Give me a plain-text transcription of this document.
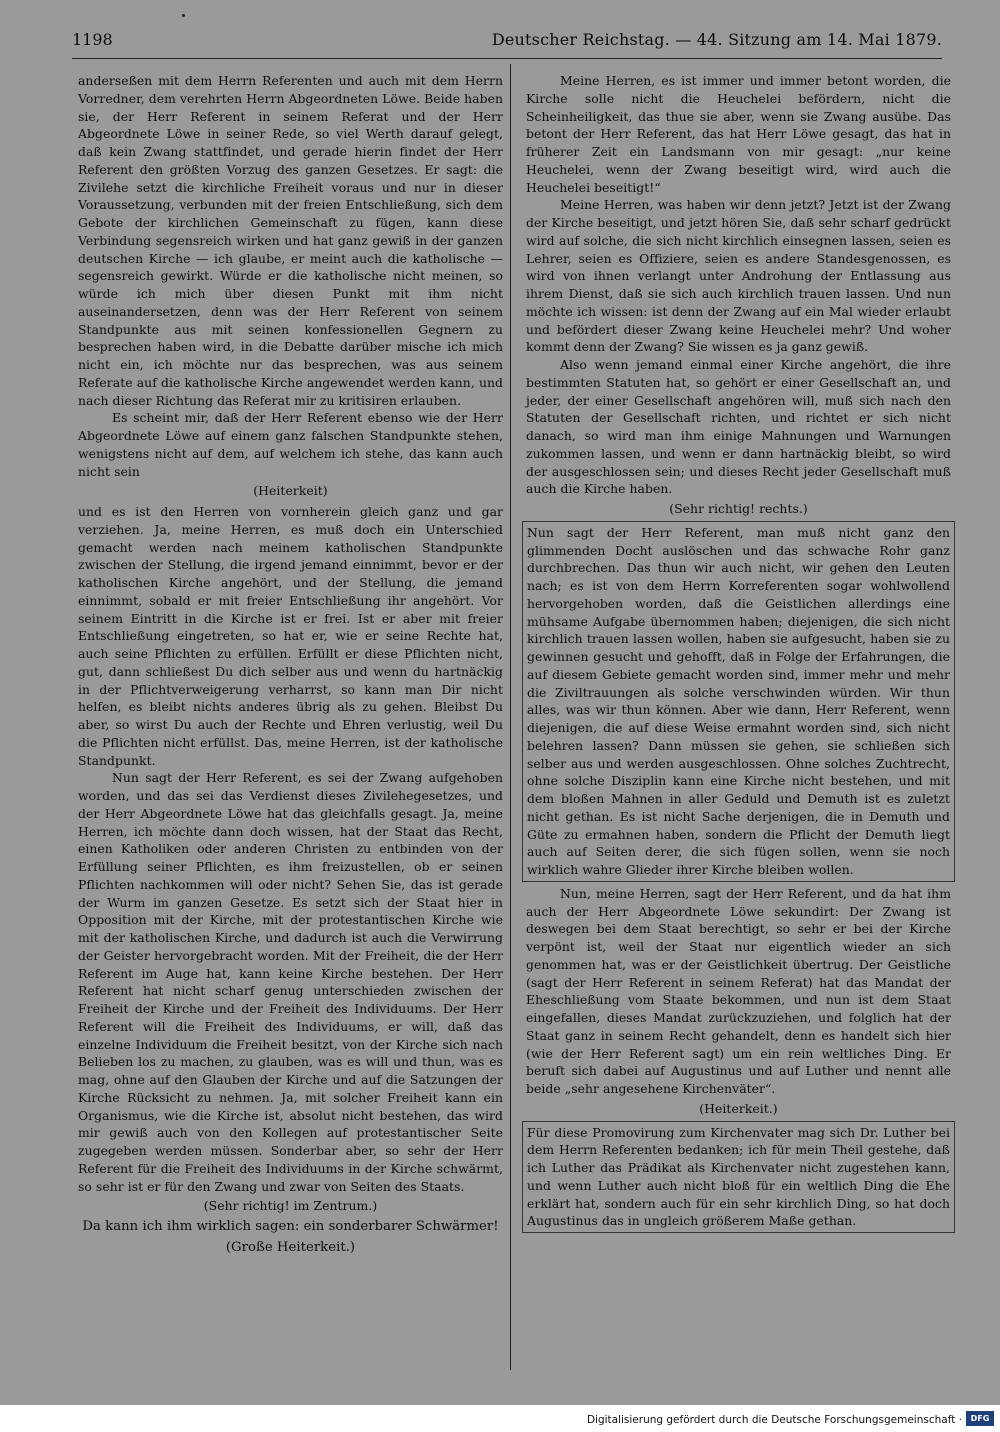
1198	Deutscher Reichstag. — 44. Sitzung am 14. Mai 1879.

anderseßen mit dem Herrn Referenten und auch mit dem Herrn Vorredner, dem verehrten Herrn Abgeordneten Löwe. Beide haben sie, der Herr Referent in seinem Referat und der Herr Abgeordnete Löwe in seiner Rede, so viel Werth darauf gelegt, daß kein Zwang stattfindet, und gerade hierin findet der Herr Referent den größten Vorzug des ganzen Gesetzes. Er sagt: die Zivilehe setzt die kirchliche Freiheit voraus und nur in dieser Voraussetzung, verbunden mit der freien Entschließung, sich dem Gebote der kirchlichen Gemeinschaft zu fügen, kann diese Verbindung segensreich wirken und hat ganz gewiß in der ganzen deutschen Kirche — ich glaube, er meint auch die katholische — segensreich gewirkt. Würde er die katholische nicht meinen, so würde ich mich über diesen Punkt mit ihm nicht auseinandersetzen, denn was der Herr Referent von seinem Standpunkte aus mit seinen konfessionellen Gegnern zu besprechen haben wird, in die Debatte darüber mische ich mich nicht ein, ich möchte nur das besprechen, was aus seinem Referate auf die katholische Kirche angewendet werden kann, und nach dieser Richtung das Referat mir zu kritisiren erlauben.

Es scheint mir, daß der Herr Referent ebenso wie der Herr Abgeordnete Löwe auf einem ganz falschen Standpunkte stehen, wenigstens nicht auf dem, auf welchem ich stehe, das kann auch nicht sein

(Heiterkeit)

und es ist den Herren von vornherein gleich ganz und gar verziehen. Ja, meine Herren, es muß doch ein Unterschied gemacht werden nach meinem katholischen Standpunkte zwischen der Stellung, die irgend jemand einnimmt, bevor er der katholischen Kirche angehört, und der Stellung, die jemand einnimmt, sobald er mit freier Entschließung ihr angehört. Vor seinem Eintritt in die Kirche ist er frei. Ist er aber mit freier Entschließung eingetreten, so hat er, wie er seine Rechte hat, auch seine Pflichten zu erfüllen. Erfüllt er diese Pflichten nicht, gut, dann schließest Du dich selber aus und wenn du hartnäckig in der Pflichtverweigerung verharrst, so kann man Dir nicht helfen, es bleibt nichts anderes übrig als zu gehen. Bleibst Du aber, so wirst Du auch der Rechte und Ehren verlustig, weil Du die Pflichten nicht erfüllst. Das, meine Herren, ist der katholische Standpunkt.

Nun sagt der Herr Referent, es sei der Zwang aufgehoben worden, und das sei das Verdienst dieses Zivilehegesetzes, und der Herr Abgeordnete Löwe hat das gleichfalls gesagt. Ja, meine Herren, ich möchte dann doch wissen, hat der Staat das Recht, einen Katholiken oder anderen Christen zu entbinden von der Erfüllung seiner Pflichten, es ihm freizustellen, ob er seinen Pflichten nachkommen will oder nicht? Sehen Sie, das ist gerade der Wurm im ganzen Gesetze. Es setzt sich der Staat hier in Opposition mit der Kirche, mit der protestantischen Kirche wie mit der katholischen Kirche, und dadurch ist auch die Verwirrung der Geister hervorgebracht worden. Mit der Freiheit, die der Herr Referent im Auge hat, kann keine Kirche bestehen. Der Herr Referent hat nicht scharf genug unterschieden zwischen der Freiheit der Kirche und der Freiheit des Individuums. Der Herr Referent will die Freiheit des Individuums, er will, daß das einzelne Individuum die Freiheit besitzt, von der Kirche sich nach Belieben los zu machen, zu glauben, was es will und thun, was es mag, ohne auf den Glauben der Kirche und auf die Satzungen der Kirche Rücksicht zu nehmen. Ja, mit solcher Freiheit kann ein Organismus, wie die Kirche ist, absolut nicht bestehen, das wird mir gewiß auch von den Kollegen auf protestantischer Seite zugegeben werden müssen. Sonderbar aber, so sehr der Herr Referent für die Freiheit des Individuums in der Kirche schwärmt, so sehr ist er für den Zwang und zwar von Seiten des Staats.

(Sehr richtig! im Zentrum.)

Da kann ich ihm wirklich sagen: ein sonderbarer Schwärmer!

(Große Heiterkeit.)

Meine Herren, es ist immer und immer betont worden, die Kirche solle nicht die Heuchelei befördern, nicht die Scheinheiligkeit, das thue sie aber, wenn sie Zwang ausübe. Das betont der Herr Referent, das hat Herr Löwe gesagt, das hat in früherer Zeit ein Landsmann von mir gesagt: „nur keine Heuchelei, wenn der Zwang beseitigt wird, wird auch die Heuchelei beseitigt!“

Meine Herren, was haben wir denn jetzt? Jetzt ist der Zwang der Kirche beseitigt, und jetzt hören Sie, daß sehr scharf gedrückt wird auf solche, die sich nicht kirchlich einsegnen lassen, seien es Lehrer, seien es Offiziere, seien es andere Standesgenossen, es wird von ihnen verlangt unter Androhung der Entlassung aus ihrem Dienst, daß sie sich auch kirchlich trauen lassen. Und nun möchte ich wissen: ist denn der Zwang auf ein Mal wieder erlaubt und befördert dieser Zwang keine Heuchelei mehr? Und woher kommt denn der Zwang? Sie wissen es ja ganz gewiß.

Also wenn jemand einmal einer Kirche angehört, die ihre bestimmten Statuten hat, so gehört er einer Gesellschaft an, und jeder, der einer Gesellschaft angehören will, muß sich nach den Statuten der Gesellschaft richten, und richtet er sich nicht danach, so wird man ihm einige Mahnungen und Warnungen zukommen lassen, und wenn er dann hartnäckig bleibt, so wird der ausgeschlossen sein; und dieses Recht jeder Gesellschaft muß auch die Kirche haben.

(Sehr richtig! rechts.)

Nun sagt der Herr Referent, man muß nicht ganz den glimmenden Docht auslöschen und das schwache Rohr ganz durchbrechen. Das thun wir auch nicht, wir gehen den Leuten nach; es ist von dem Herrn Korreferenten sogar wohlwollend hervorgehoben worden, daß die Geistlichen allerdings eine mühsame Aufgabe übernommen haben; diejenigen, die sich nicht kirchlich trauen lassen wollen, haben sie aufgesucht, haben sie zu gewinnen gesucht und gehofft, daß in Folge der Erfahrungen, die auf diesem Gebiete gemacht worden sind, immer mehr und mehr die Ziviltrauungen als solche verschwinden würden. Wir thun alles, was wir thun können. Aber wie dann, Herr Referent, wenn diejenigen, die auf diese Weise ermahnt worden sind, sich nicht belehren lassen? Dann müssen sie gehen, sie schließen sich selber aus und werden ausgeschlossen. Ohne solches Zuchtrecht, ohne solche Disziplin kann eine Kirche nicht bestehen, und mit dem bloßen Mahnen in aller Geduld und Demuth ist es zuletzt nicht gethan. Es ist nicht Sache derjenigen, die in Demuth und Güte zu ermahnen haben, sondern die Pflicht der Demuth liegt auch auf Seiten derer, die sich fügen sollen, wenn sie noch wirklich wahre Glieder ihrer Kirche bleiben wollen.

Nun, meine Herren, sagt der Herr Referent, und da hat ihm auch der Herr Abgeordnete Löwe sekundirt: Der Zwang ist deswegen bei dem Staat berechtigt, so sehr er bei der Kirche verpönt ist, weil der Staat nur eigentlich wieder an sich genommen hat, was er der Geistlichkeit übertrug. Der Geistliche (sagt der Herr Referent in seinem Referat) hat das Mandat der Eheschließung vom Staate bekommen, und nun ist dem Staat eingefallen, dieses Mandat zurückzuziehen, und folglich hat der Staat ganz in seinem Recht gehandelt, denn es handelt sich hier (wie der Herr Referent sagt) um ein rein weltliches Ding. Er beruft sich dabei auf Augustinus und auf Luther und nennt alle beide „sehr angesehene Kirchenväter“.

(Heiterkeit.)

Für diese Promovirung zum Kirchenvater mag sich Dr. Luther bei dem Herrn Referenten bedanken; ich für mein Theil gestehe, daß ich Luther das Prädikat als Kirchenvater nicht zugestehen kann, und wenn Luther auch nicht bloß für ein weltlich Ding die Ehe erklärt hat, sondern auch für ein sehr kirchlich Ding, so hat doch Augustinus das in ungleich größerem Maße gethan.

Digitalisierung gefördert durch die Deutsche Forschungsgemeinschaft ·	DFG
